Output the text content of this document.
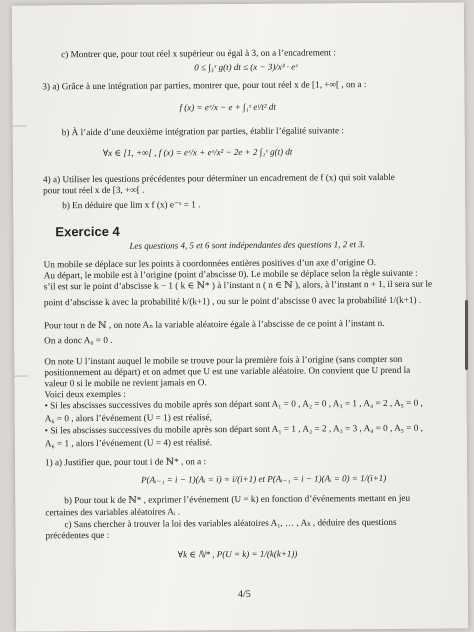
c) Montrer que, pour tout réel x supérieur ou égal à 3, on a l’encadrement :
3) a) Grâce à une intégration par parties, montrer que, pour tout réel x de [1, +∞[ , on a :
b) À l’aide d’une deuxième intégration par parties, établir l’égalité suivante :
4) a) Utiliser les questions précédentes pour déterminer un encadrement de f (x) qui soit valable
pour tout réel x de [3, +∞[ .
b) En déduire que lim x f (x) e⁻ˣ = 1 .
Un mobile se déplace sur les points à coordonnées entières positives d’un axe d’origine O.
Au départ, le mobile est à l’origine (point d’abscisse 0). Le mobile se déplace selon la règle suivante :
s’il est sur le point d’abscisse k − 1 ( k ∈ ℕ* ) à l’instant n ( n ∈ ℕ ), alors, à l’instant n + 1, il sera sur le
point d’abscisse k avec la probabilité k/(k+1) , ou sur le point d’abscisse 0 avec la probabilité 1/(k+1) .
Pour tout n de ℕ , on note Aₙ la variable aléatoire égale à l’abscisse de ce point à l’instant n.
On a donc A₀ = 0 .
On note U l’instant auquel le mobile se trouve pour la première fois à l’origine (sans compter son
positionnement au départ) et on admet que U est une variable aléatoire. On convient que U prend la
valeur 0 si le mobile ne revient jamais en O.
Voici deux exemples :
• Si les abscisses successives du mobile après son départ sont A₁ = 0 , A₂ = 0 , A₃ = 1 , A₄ = 2 , A₅ = 0 ,
A₆ = 0 , alors l’événement (U = 1) est réalisé,
• Si les abscisses successives du mobile après son départ sont A₁ = 1 , A₂ = 2 , A₃ = 3 , A₄ = 0 , A₅ = 0 ,
A₆ = 1 , alors l’événement (U = 4) est réalisé.
1) a) Justifier que, pour tout i de ℕ* , on a :
b) Pour tout k de ℕ* , exprimer l’événement (U = k) en fonction d’événements mettant en jeu
certaines des variables aléatoires Aᵢ .
c) Sans chercher à trouver la loi des variables aléatoires A₁, … , Aₖ , déduire des questions
précédentes que :
0 ≤ ∫₃ˣ g(t) dt ≤ (x − 3)/x³ · eˣ
f (x) = eˣ/x − e + ∫₁ˣ eᵗ/t² dt
∀x ∈ [1, +∞[ , f (x) = eˣ/x + eˣ/x² − 2e + 2 ∫₁ˣ g(t) dt
P(Aᵢ₋₁ = i − 1)(Aᵢ = i) = i/(i+1) et P(Aᵢ₋₁ = i − 1)(Aᵢ = 0) = 1/(i+1)
∀k ∈ ℕ* , P(U = k) = 1/(k(k+1))
Exercice 4
Les questions 4, 5 et 6 sont indépendantes des questions 1, 2 et 3.
4/5
